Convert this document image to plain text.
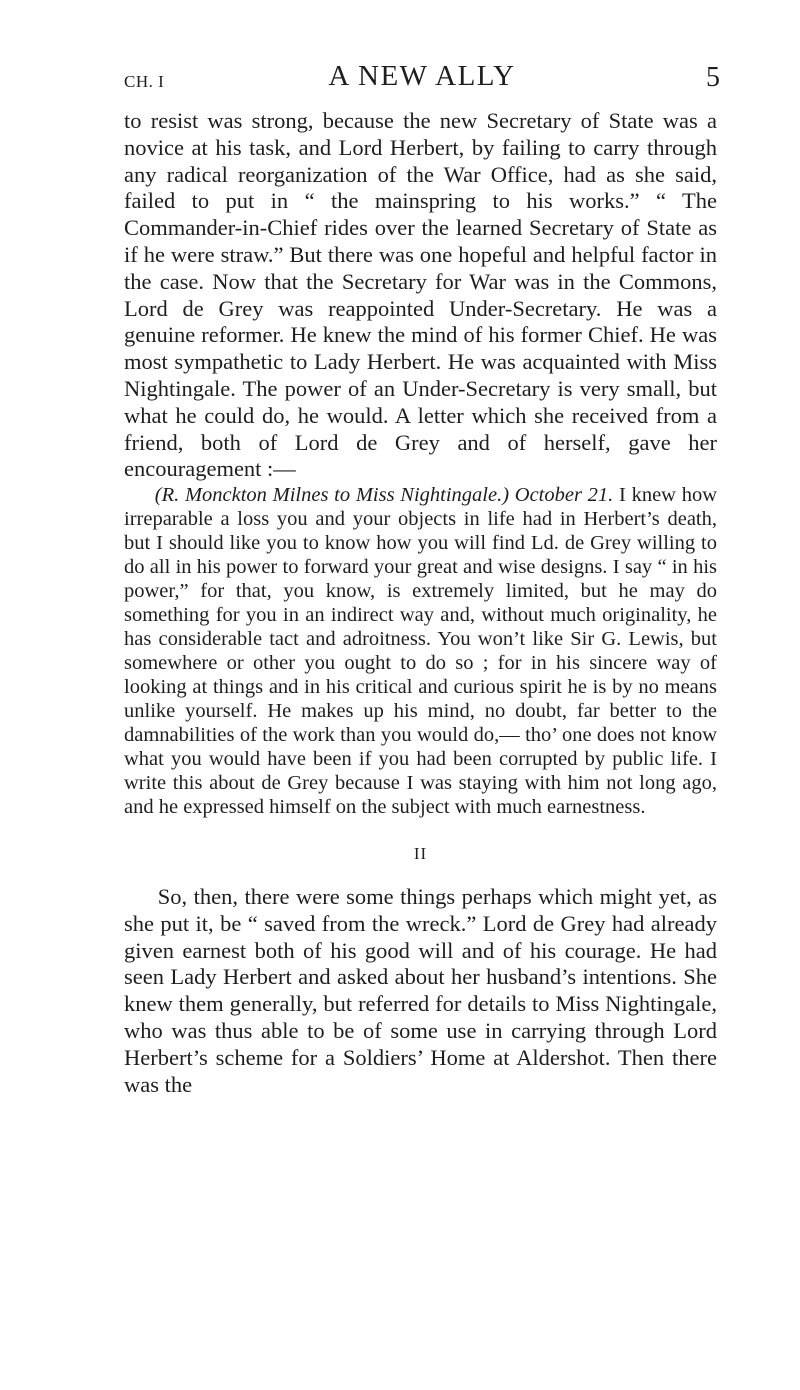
CH. I	A NEW ALLY	5

to resist was strong, because the new Secretary of State was a novice at his task, and Lord Herbert, by failing to carry through any radical reorganization of the War Office, had as she said, failed to put in “ the mainspring to his works.” “ The Commander-in-Chief rides over the learned Secretary of State as if he were straw.” But there was one hopeful and helpful factor in the case. Now that the Secretary for War was in the Commons, Lord de Grey was reappointed Under-Secretary. He was a genuine reformer. He knew the mind of his former Chief. He was most sympathetic to Lady Herbert. He was acquainted with Miss Nightingale. The power of an Under-Secretary is very small, but what he could do, he would. A letter which she received from a friend, both of Lord de Grey and of herself, gave her encouragement :—

(R. Monckton Milnes to Miss Nightingale.) October 21. I knew how irreparable a loss you and your objects in life had in Herbert’s death, but I should like you to know how you will find Ld. de Grey willing to do all in his power to forward your great and wise designs. I say “ in his power,” for that, you know, is extremely limited, but he may do something for you in an indirect way and, without much originality, he has considerable tact and adroitness. You won’t like Sir G. Lewis, but somewhere or other you ought to do so ; for in his sincere way of looking at things and in his critical and curious spirit he is by no means unlike yourself. He makes up his mind, no doubt, far better to the damnabilities of the work than you would do,— tho’ one does not know what you would have been if you had been corrupted by public life. I write this about de Grey because I was staying with him not long ago, and he expressed himself on the subject with much earnestness.

II

So, then, there were some things perhaps which might yet, as she put it, be “ saved from the wreck.” Lord de Grey had already given earnest both of his good will and of his courage. He had seen Lady Herbert and asked about her husband’s intentions. She knew them generally, but referred for details to Miss Nightingale, who was thus able to be of some use in carrying through Lord Herbert’s scheme for a Soldiers’ Home at Aldershot. Then there was the
